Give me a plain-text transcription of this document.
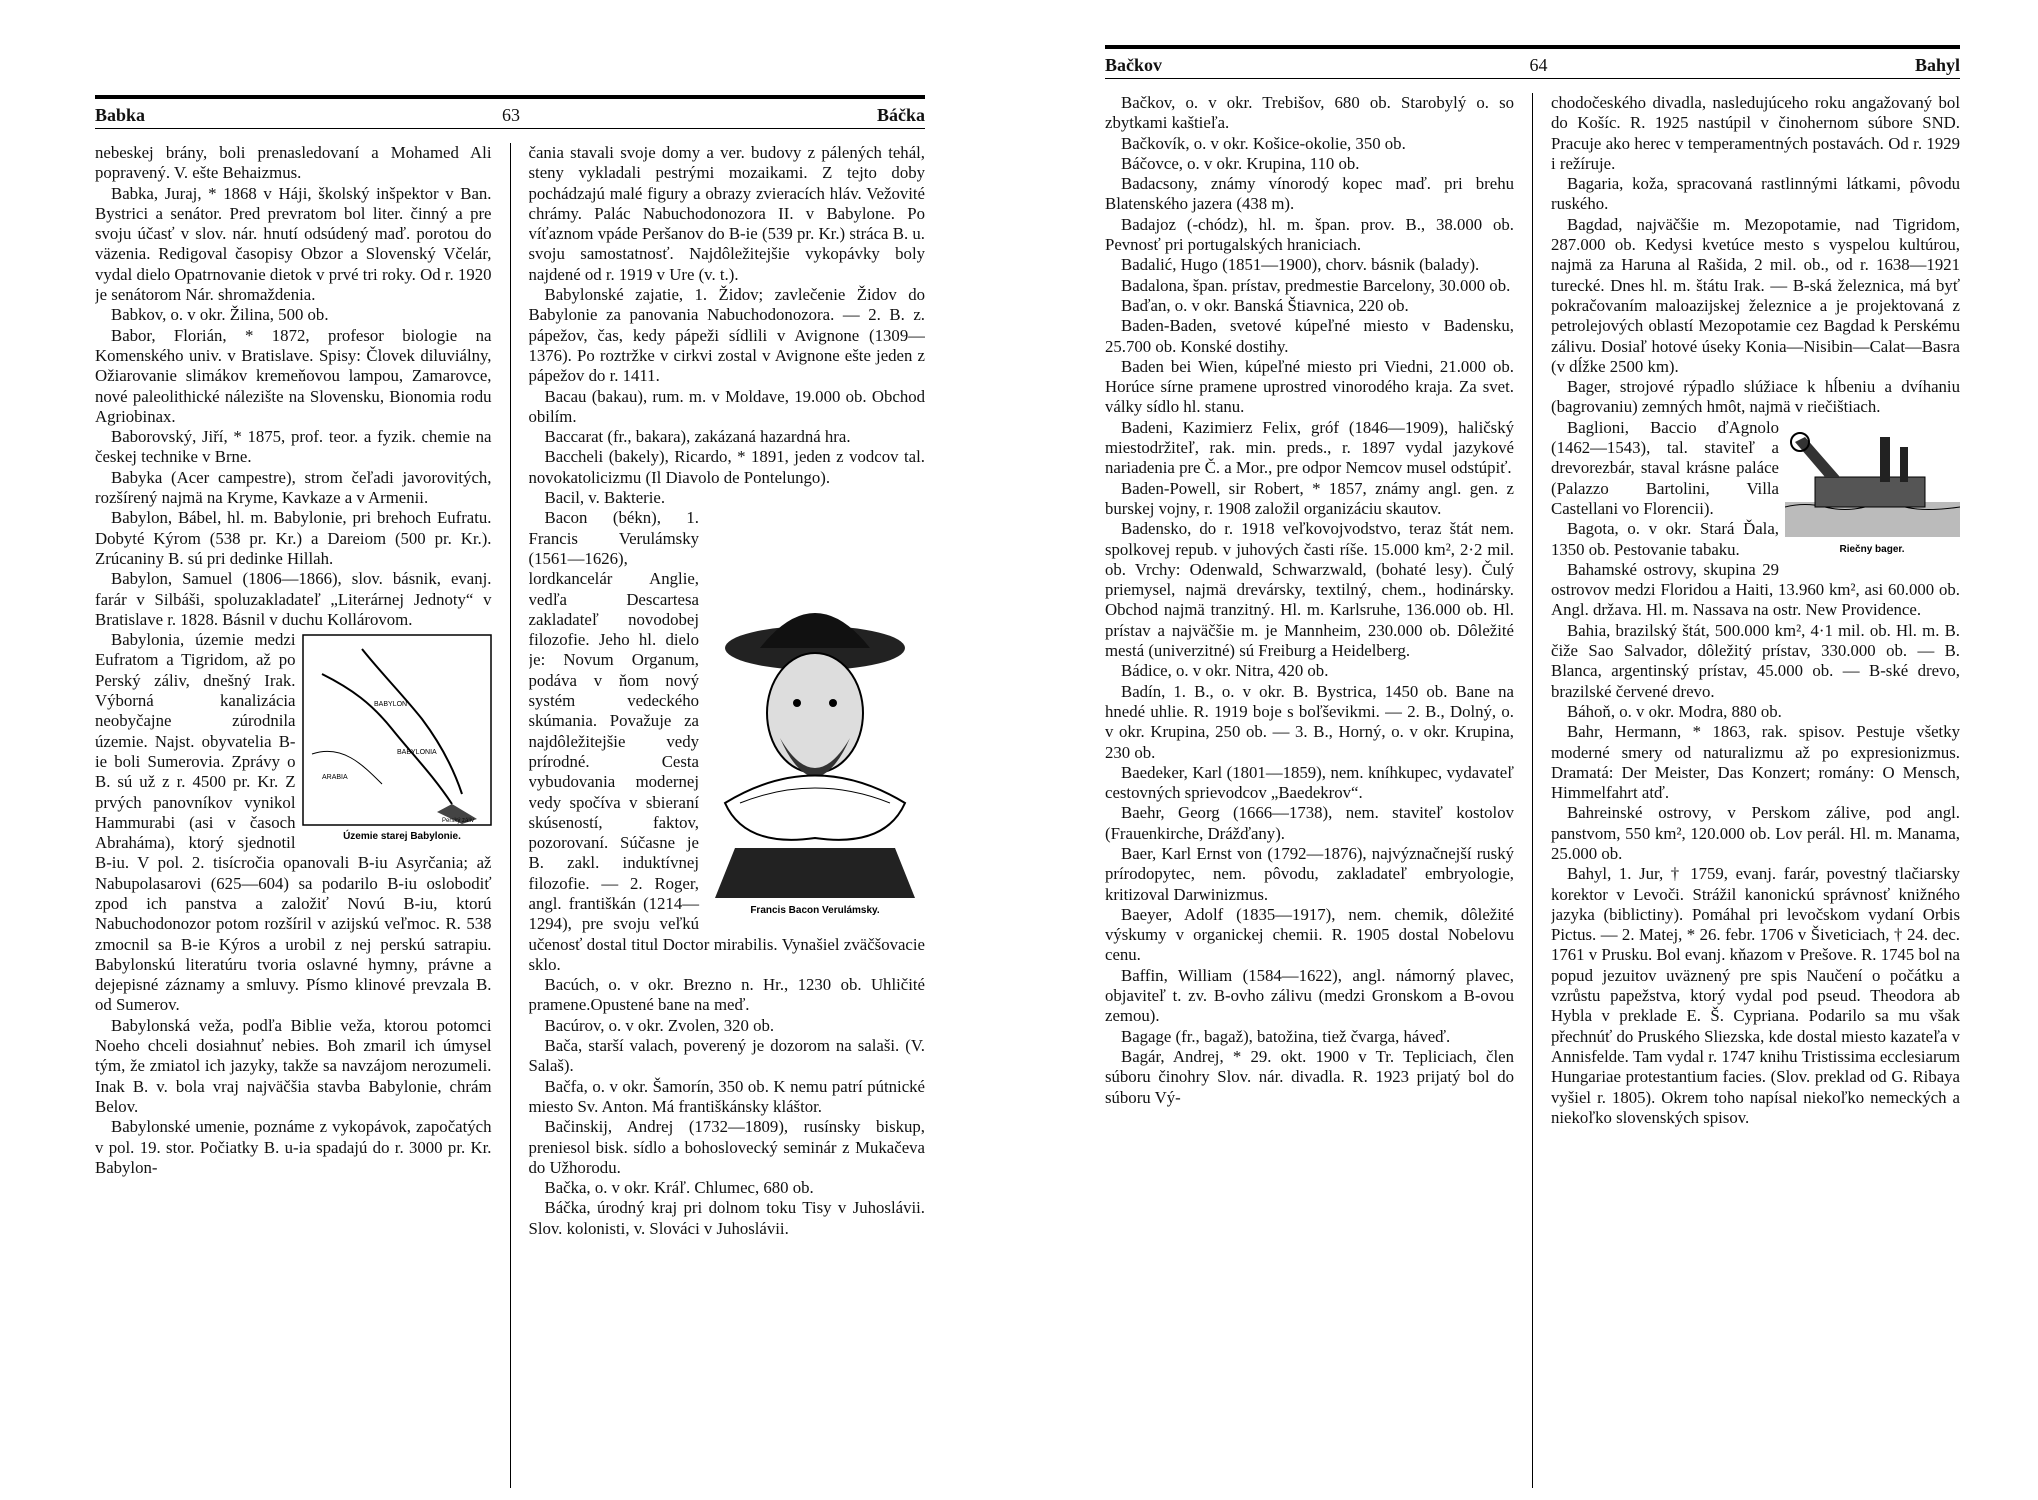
Babka	63	Báčka

nebeskej brány, boli prenasledovaní a Mohamed Ali popravený. V. ešte Behaizmus.

Babka, Juraj, * 1868 v Háji, školský inšpektor v Ban. Bystrici a senátor. Pred prevratom bol liter. činný a pre svoju účasť v slov. nár. hnutí odsúdený maď. porotou do väzenia. Redigoval časopisy Obzor a Slovenský Včelár, vydal dielo Opatrnovanie dietok v prvé tri roky. Od r. 1920 je senátorom Nár. shromaždenia.

Babkov, o. v okr. Žilina, 500 ob.

Babor, Florián, * 1872, profesor biologie na Komenského univ. v Bratislave. Spisy: Človek diluviálny, Ožiarovanie slimákov kremeňovou lampou, Zamarovce, nové paleolithické nálezište na Slovensku, Bionomia rodu Agriobinax.

Baborovský, Jiří, * 1875, prof. teor. a fyzik. chemie na českej technike v Brne.

Babyka (Acer campestre), strom čeľadi javorovitých, rozšírený najmä na Kryme, Kavkaze a v Armenii.

Babylon, Bábel, hl. m. Babylonie, pri brehoch Eufratu. Dobyté Kýrom (538 pr. Kr.) a Dareiom (500 pr. Kr.). Zrúcaniny B. sú pri dedinke Hillah.

Babylon, Samuel (1806—1866), slov. básnik, evanj. farár v Silbáši, spoluzakladateľ „Literárnej Jednoty“ v Bratislave r. 1828. Básnil v duchu Kollárovom.

BABYLON
BABYLONIA
ARABIA
Perský záliv
Územie starej Babylonie.

Babylonia, územie medzi Eufratom a Tigridom, až po Perský záliv, dnešný Irak. Výborná kanalizácia neobyčajne zúrodnila územie. Najst. obyvatelia B-ie boli Sumerovia. Zprávy o B. sú už z r. 4500 pr. Kr. Z prvých panovníkov vynikol Hammurabi (asi v časoch Abraháma), ktorý sjednotil B-iu. V pol. 2. tisícročia opanovali B-iu Asyrčania; až Nabupolasarovi (625—604) sa podarilo B-iu oslobodiť zpod ich panstva a založiť Novú B-iu, ktorú Nabuchodonozor potom rozšíril v azijskú veľmoc. R. 538 zmocnil sa B-ie Kýros a urobil z nej perskú satrapiu. Babylonskú literatúru tvoria oslavné hymny, právne a dejepisné záznamy a smluvy. Písmo klinové prevzala B. od Sumerov.

Babylonská veža, podľa Biblie veža, ktorou potomci Noeho chceli dosiahnuť nebies. Boh zmaril ich úmysel tým, že zmiatol ich jazyky, takže sa navzájom nerozumeli. Inak B. v. bola vraj najväčšia stavba Babylonie, chrám Belov.

Babylonské umenie, poznáme z vykopávok, započatých v pol. 19. stor. Počiatky B. u-ia spadajú do r. 3000 pr. Kr. Babylon-

čania stavali svoje domy a ver. budovy z pálených tehál, steny vykladali pestrými mozaikami. Z tejto doby pochádzajú malé figury a obrazy zvieracích hláv. Vežovité chrámy. Palác Nabuchodonozora II. v Babylone. Po víťaznom vpáde Peršanov do B-ie (539 pr. Kr.) stráca B. u. svoju samostatnosť. Najdôležitejšie vykopávky boly najdené od r. 1919 v Ure (v. t.).

Babylonské zajatie, 1. Židov; zavlečenie Židov do Babylonie za panovania Nabuchodonozora. — 2. B. z. pápežov, čas, kedy pápeži sídlili v Avignone (1309—1376). Po roztržke v cirkvi zostal v Avignone ešte jeden z pápežov do r. 1411.

Bacau (bakau), rum. m. v Moldave, 19.000 ob. Obchod obilím.

Baccarat (fr., bakara), zakázaná hazardná hra.

Baccheli (bakely), Ricardo, * 1891, jeden z vodcov tal. novokatolicizmu (Il Diavolo de Pontelungo).

Bacil, v. Bakterie.

Francis Bacon Verulámsky.

Bacon (békn), 1. Francis Verulámsky (1561—1626), lordkancelár Anglie, vedľa Descartesa zakladateľ novodobej filozofie. Jeho hl. dielo je: Novum Organum, podáva v ňom nový systém vedeckého skúmania. Považuje za najdôležitejšie vedy prírodné. Cesta vybudovania modernej vedy spočíva v sbieraní skúseností, faktov, pozorovaní. Súčasne je B. zakl. induktívnej filozofie. — 2. Roger, angl. františkán (1214—1294), pre svoju veľkú učenosť dostal titul Doctor mirabilis. Vynašiel zväčšovacie sklo.

Bacúch, o. v okr. Brezno n. Hr., 1230 ob. Uhličité pramene.Opustené bane na meď.

Bacúrov, o. v okr. Zvolen, 320 ob.

Bača, starší valach, poverený je dozorom na salaši. (V. Salaš).

Bačfa, o. v okr. Šamorín, 350 ob. K nemu patrí pútnické miesto Sv. Anton. Má františkánsky kláštor.

Bačinskij, Andrej (1732—1809), rusínsky biskup, preniesol bisk. sídlo a bohoslovecký seminár z Mukačeva do Užhorodu.

Bačka, o. v okr. Kráľ. Chlumec, 680 ob.

Báčka, úrodný kraj pri dolnom toku Tisy v Juhoslávii. Slov. kolonisti, v. Slováci v Juhoslávii.

Bačkov	64	Bahyl

Bačkov, o. v okr. Trebišov, 680 ob. Starobylý o. so zbytkami kaštieľa.

Bačkovík, o. v okr. Košice-okolie, 350 ob.

Báčovce, o. v okr. Krupina, 110 ob.

Badacsony, známy vínorodý kopec maď. pri brehu Blatenského jazera (438 m).

Badajoz (-chódz), hl. m. špan. prov. B., 38.000 ob. Pevnosť pri portugalských hraniciach.

Badalić, Hugo (1851—1900), chorv. básnik (balady).

Badalona, špan. prístav, predmestie Barcelony, 30.000 ob.

Baďan, o. v okr. Banská Štiavnica, 220 ob.

Baden-Baden, svetové kúpeľné miesto v Badensku, 25.700 ob. Konské dostihy.

Baden bei Wien, kúpeľné miesto pri Viedni, 21.000 ob. Horúce sírne pramene uprostred vinorodého kraja. Za svet. války sídlo hl. stanu.

Badeni, Kazimierz Felix, gróf (1846—1909), haličský miestodržiteľ, rak. min. preds., r. 1897 vydal jazykové nariadenia pre Č. a Mor., pre odpor Nemcov musel odstúpiť.

Baden-Powell, sir Robert, * 1857, známy angl. gen. z burskej vojny, r. 1908 založil organizáciu skautov.

Badensko, do r. 1918 veľkovojvodstvo, teraz štát nem. spolkovej repub. v juhových časti ríše. 15.000 km², 2·2 mil. ob. Vrchy: Odenwald, Schwarzwald, (bohaté lesy). Čulý priemysel, najmä drevársky, textilný, chem., hodinársky. Obchod najmä tranzitný. Hl. m. Karlsruhe, 136.000 ob. Hl. prístav a najväčšie m. je Mannheim, 230.000 ob. Dôležité mestá (univerzitné) sú Freiburg a Heidelberg.

Bádice, o. v okr. Nitra, 420 ob.

Badín, 1. B., o. v okr. B. Bystrica, 1450 ob. Bane na hnedé uhlie. R. 1919 boje s boľševikmi. — 2. B., Dolný, o. v okr. Krupina, 250 ob. — 3. B., Horný, o. v okr. Krupina, 230 ob.

Baedeker, Karl (1801—1859), nem. kníhkupec, vydavateľ cestovných sprievodcov „Baedekrov“.

Baehr, Georg (1666—1738), nem. staviteľ kostolov (Frauenkirche, Drážďany).

Baer, Karl Ernst von (1792—1876), najvýznačnejší ruský prírodopytec, nem. pôvodu, zakladateľ embryologie, kritizoval Darwinizmus.

Baeyer, Adolf (1835—1917), nem. chemik, dôležité výskumy v organickej chemii. R. 1905 dostal Nobelovu cenu.

Baffin, William (1584—1622), angl. námorný plavec, objaviteľ t. zv. B-ovho zálivu (medzi Gronskom a B-ovou zemou).

Bagage (fr., bagaž), batožina, tiež čvarga, háveď.

Bagár, Andrej, * 29. okt. 1900 v Tr. Tepliciach, člen súboru činohry Slov. nár. divadla. R. 1923 prijatý bol do súboru Vý-

chodočeského divadla, nasledujúceho roku angažovaný bol do Košíc. R. 1925 nastúpil v činohernom súbore SND. Pracuje ako herec v temperamentných postavách. Od r. 1929 i režíruje.

Bagaria, koža, spracovaná rastlinnými látkami, pôvodu ruského.

Bagdad, najväčšie m. Mezopotamie, nad Tigridom, 287.000 ob. Kedysi kvetúce mesto s vyspelou kultúrou, najmä za Haruna al Rašida, 2 mil. ob., od r. 1638—1921 turecké. Dnes hl. m. štátu Irak. — B-ská železnica, má byť pokračovaním maloazijskej železnice a je projektovaná z petrolejových oblastí Mezopotamie cez Bagdad k Perskému zálivu. Dosiaľ hotové úseky Konia—Nisibin—Calat—Basra (v dĺžke 2500 km).

Bager, strojové rýpadlo slúžiace k hĺbeniu a dvíhaniu (bagrovaniu) zemných hmôt, najmä v riečištiach.

Riečny bager.

Baglioni, Baccio ďAgnolo (1462—1543), tal. staviteľ a drevorezbár, staval krásne paláce (Palazzo Bartolini, Villa Castellani vo Florencii).

Bagota, o. v okr. Stará Ďala, 1350 ob. Pestovanie tabaku.

Bahamské ostrovy, skupina 29 ostrovov medzi Floridou a Haiti, 13.960 km², asi 60.000 ob. Angl. država. Hl. m. Nassava na ostr. New Providence.

Bahia, brazilský štát, 500.000 km², 4·1 mil. ob. Hl. m. B. čiže Sao Salvador, dôležitý prístav, 330.000 ob. — B. Blanca, argentinský prístav, 45.000 ob. — B-ské drevo, brazilské červené drevo.

Báhoň, o. v okr. Modra, 880 ob.

Bahr, Hermann, * 1863, rak. spisov. Pestuje všetky moderné smery od naturalizmu až po expresionizmus. Dramatá: Der Meister, Das Konzert; romány: O Mensch, Himmelfahrt atď.

Bahreinské ostrovy, v Perskom zálive, pod angl. panstvom, 550 km², 120.000 ob. Lov perál. Hl. m. Manama, 25.000 ob.

Bahyl, 1. Jur, † 1759, evanj. farár, povestný tlačiarsky korektor v Levoči. Strážil kanonickú správnosť knižného jazyka (biblictiny). Pomáhal pri levočskom vydaní Orbis Pictus. — 2. Matej, * 26. febr. 1706 v Šiveticiach, † 24. dec. 1761 v Prusku. Bol evanj. kňazom v Prešove. R. 1745 bol na popud jezuitov uväznený pre spis Naučení o počátku a vzrůstu papežstva, ktorý vydal pod pseud. Theodora ab Hybla v preklade E. Š. Cypriana. Podarilo sa mu však přechnúť do Pruského Sliezska, kde dostal miesto kazateľa v Annisfelde. Tam vydal r. 1747 knihu Tristissima ecclesiarum Hungariae protestantium facies. (Slov. preklad od G. Ribaya vyšiel r. 1805). Okrem toho napísal niekoľko nemeckých a niekoľko slovenských spisov.
